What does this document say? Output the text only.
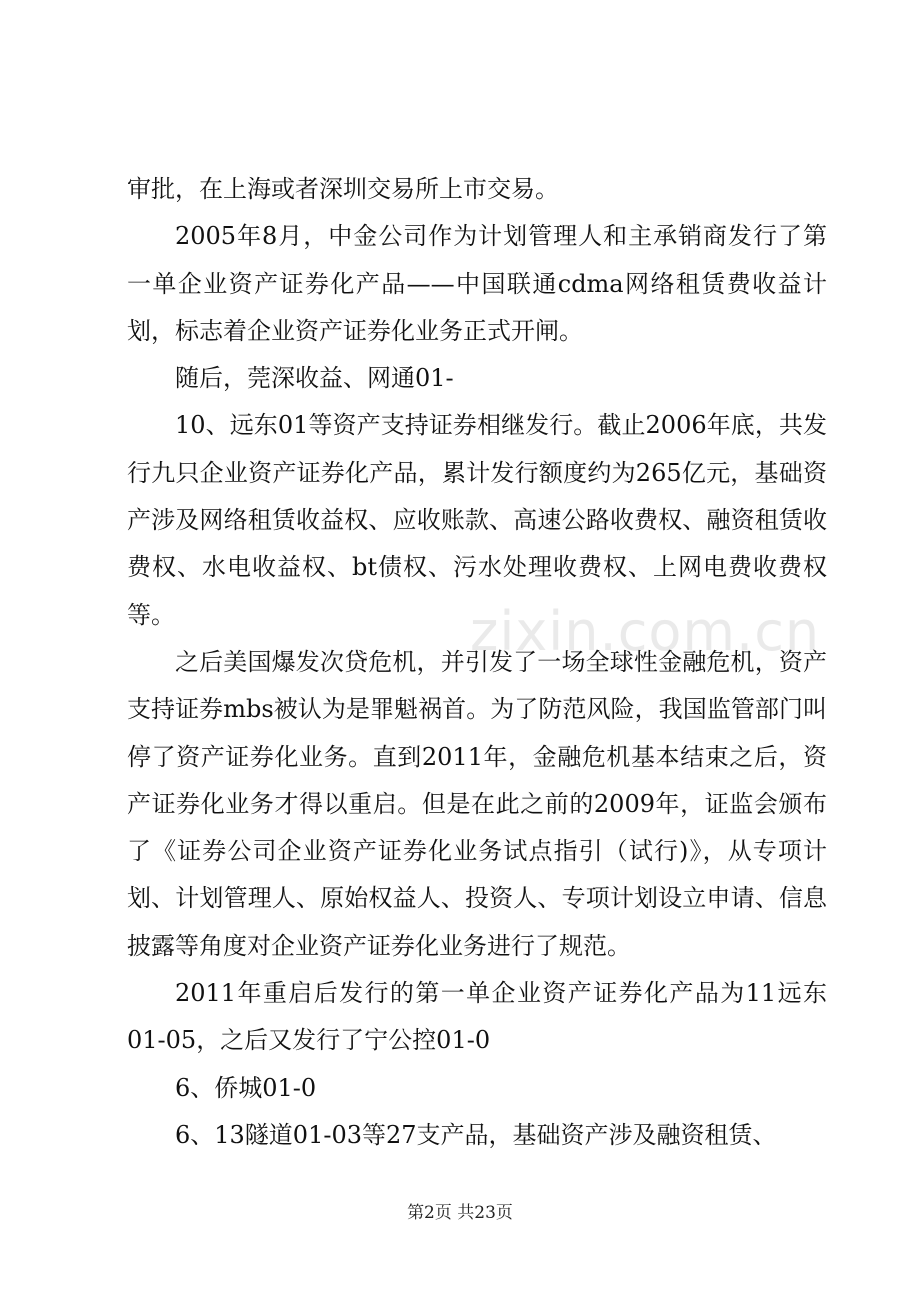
审批，在上海或者深圳交易所上市交易。

2005年8月，中金公司作为计划管理人和主承销商发行了第一单企业资产证券化产品——中国联通cdma网络租赁费收益计划，标志着企业资产证券化业务正式开闸。

随后，莞深收益、网通01-

10、远东01等资产支持证券相继发行。截止2006年底，共发行九只企业资产证券化产品，累计发行额度约为265亿元，基础资产涉及网络租赁收益权、应收账款、高速公路收费权、融资租赁收费权、水电收益权、bt债权、污水处理收费权、上网电费收费权等。

之后美国爆发次贷危机，并引发了一场全球性金融危机，资产支持证券mbs被认为是罪魁祸首。为了防范风险，我国监管部门叫停了资产证券化业务。直到2011年，金融危机基本结束之后，资产证券化业务才得以重启。但是在此之前的2009年，证监会颁布了《证券公司企业资产证券化业务试点指引（试行)》，从专项计划、计划管理人、原始权益人、投资人、专项计划设立申请、信息披露等角度对企业资产证券化业务进行了规范。

2011年重启后发行的第一单企业资产证券化产品为11远东01-05，之后又发行了宁公控01-0

6、侨城01-0

6、13隧道01-03等27支产品，基础资产涉及融资租赁、

zixin.com.cn
第2页 共23页
